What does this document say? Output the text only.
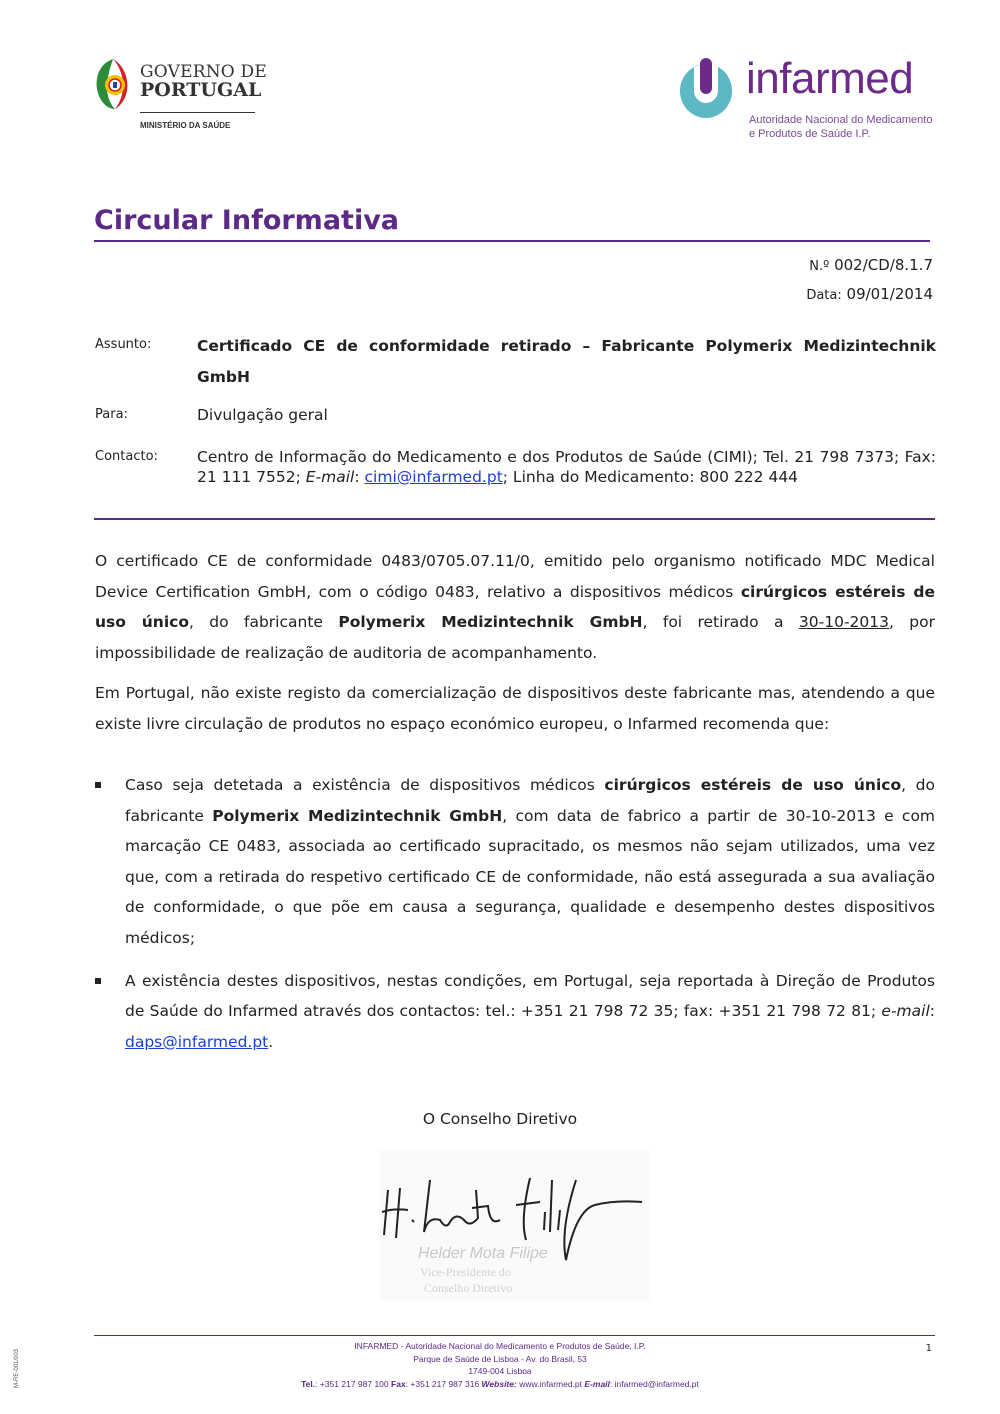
GOVERNO DE
PORTUGAL
MINISTÉRIO DA SAÚDE
infarmed
Autoridade Nacional do Medicamento
e Produtos de Saúde I.P.
Circular Informativa
N.º 002/CD/8.1.7
Data: 09/01/2014
Assunto:	Certificado CE de conformidade retirado – Fabricante Polymerix Medizintechnik GmbH
Para:	Divulgação geral
Contacto:	Centro de Informação do Medicamento e dos Produtos de Saúde (CIMI); Tel. 21 798 7373; Fax: 21 111 7552; E-mail: cimi@infarmed.pt; Linha do Medicamento: 800 222 444
O certificado CE de conformidade 0483/0705.07.11/0, emitido pelo organismo notificado MDC Medical Device Certification GmbH, com o código 0483, relativo a dispositivos médicos cirúrgicos estéreis de uso único, do fabricante Polymerix Medizintechnik GmbH, foi retirado a 30-10-2013, por impossibilidade de realização de auditoria de acompanhamento.
Em Portugal, não existe registo da comercialização de dispositivos deste fabricante mas, atendendo a que existe livre circulação de produtos no espaço económico europeu, o Infarmed recomenda que:
Caso seja detetada a existência de dispositivos médicos cirúrgicos estéreis de uso único, do fabricante Polymerix Medizintechnik GmbH, com data de fabrico a partir de 30-10-2013 e com marcação CE 0483, associada ao certificado supracitado, os mesmos não sejam utilizados, uma vez que, com a retirada do respetivo certificado CE de conformidade, não está assegurada a sua avaliação de conformidade, o que põe em causa a segurança, qualidade e desempenho destes dispositivos médicos;
A existência destes dispositivos, nestas condições, em Portugal, seja reportada à Direção de Produtos de Saúde do Infarmed através dos contactos: tel.: +351 21 798 72 35; fax: +351 21 798 72 81; e-mail: daps@infarmed.pt.
O Conselho Diretivo
Helder Mota Filipe
Vice-Presidente do
Conselho Diretivo
INFARMED - Autoridade Nacional do Medicamento e Produtos de Saúde, I.P.
Parque de Saúde de Lisboa - Av. do Brasil, 53
1749-004 Lisboa
Tel.: +351 217 987 100 Fax: +351 217 987 316 Website: www.infarmed.pt E-mail: infarmed@infarmed.pt
1
M-RE-001/003
